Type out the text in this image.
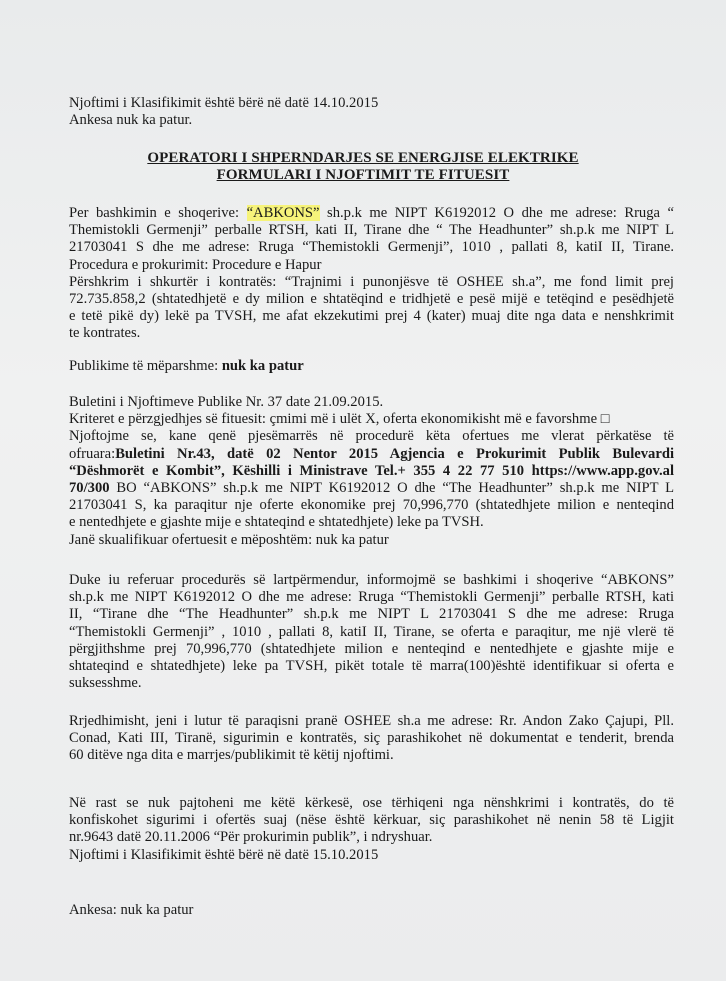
Njoftimi i Klasifikimit është bërë në datë 14.10.2015
Ankesa nuk ka patur.
OPERATORI I SHPERNDARJES SE ENERGJISE ELEKTRIKE
FORMULARI I NJOFTIMIT TE FITUESIT
Per bashkimin e shoqerive: “ABKONS” sh.p.k me NIPT K6192012 O dhe me adrese: Rruga “
Themistokli Germenji” perballe RTSH, kati II, Tirane dhe “ The Headhunter” sh.p.k me NIPT L
21703041 S dhe me adrese: Rruga “Themistokli Germenji”, 1010 , pallati 8, katiI II, Tirane.
Procedura e prokurimit: Procedure e Hapur
Përshkrim i shkurtër i kontratës: “Trajnimi i punonjësve të OSHEE sh.a”, me fond limit prej
72.735.858,2 (shtatedhjetë e dy milion e shtatëqind e tridhjetë e pesë mijë e tetëqind e pesëdhjetë
e tetë pikë dy) lekë pa TVSH, me afat ekzekutimi prej 4 (kater) muaj dite nga data e nenshkrimit
te kontrates.
Publikime të mëparshme: nuk ka patur
Buletini i Njoftimeve Publike Nr. 37 date 21.09.2015.
Kriteret e përzgjedhjes së fituesit: çmimi më i ulët X, oferta ekonomikisht më e favorshme □
Njoftojme se, kane qenë pjesëmarrës në procedurë këta ofertues me vlerat përkatëse të
ofruara:Buletini Nr.43, datë 02 Nentor 2015 Agjencia e Prokurimit Publik Bulevardi
“Dëshmorët e Kombit”, Këshilli i Ministrave Tel.+ 355 4 22 77 510 https://www.app.gov.al
70/300 BO “ABKONS” sh.p.k me NIPT K6192012 O dhe “The Headhunter” sh.p.k me NIPT L
21703041 S, ka paraqitur nje oferte ekonomike prej 70,996,770 (shtatedhjete milion e nenteqind
e nentedhjete e gjashte mije e shtateqind e shtatedhjete) leke pa TVSH.
Janë skualifikuar ofertuesit e mëposhtëm: nuk ka patur
Duke iu referuar procedurës së lartpërmendur, informojmë se bashkimi i shoqerive “ABKONS”
sh.p.k me NIPT K6192012 O dhe me adrese: Rruga “Themistokli Germenji” perballe RTSH, kati
II, “Tirane dhe “The Headhunter” sh.p.k me NIPT L 21703041 S dhe me adrese: Rruga
“Themistokli Germenji” , 1010 , pallati 8, katiI II, Tirane, se oferta e paraqitur, me një vlerë të
përgjithshme prej 70,996,770 (shtatedhjete milion e nenteqind e nentedhjete e gjashte mije e
shtateqind e shtatedhjete) leke pa TVSH, pikët totale të marra(100)është identifikuar si oferta e
suksesshme.
Rrjedhimisht, jeni i lutur të paraqisni pranë OSHEE sh.a me adrese: Rr. Andon Zako Çajupi, Pll.
Conad, Kati III, Tiranë, sigurimin e kontratës, siç parashikohet në dokumentat e tenderit, brenda
60 ditëve nga dita e marrjes/publikimit të këtij njoftimi.
Në rast se nuk pajtoheni me këtë kërkesë, ose tërhiqeni nga nënshkrimi i kontratës, do të
konfiskohet sigurimi i ofertës suaj (nëse është kërkuar, siç parashikohet në nenin 58 të Ligjit
nr.9643 datë 20.11.2006 “Për prokurimin publik”, i ndryshuar.
Njoftimi i Klasifikimit është bërë në datë 15.10.2015
Ankesa: nuk ka patur
